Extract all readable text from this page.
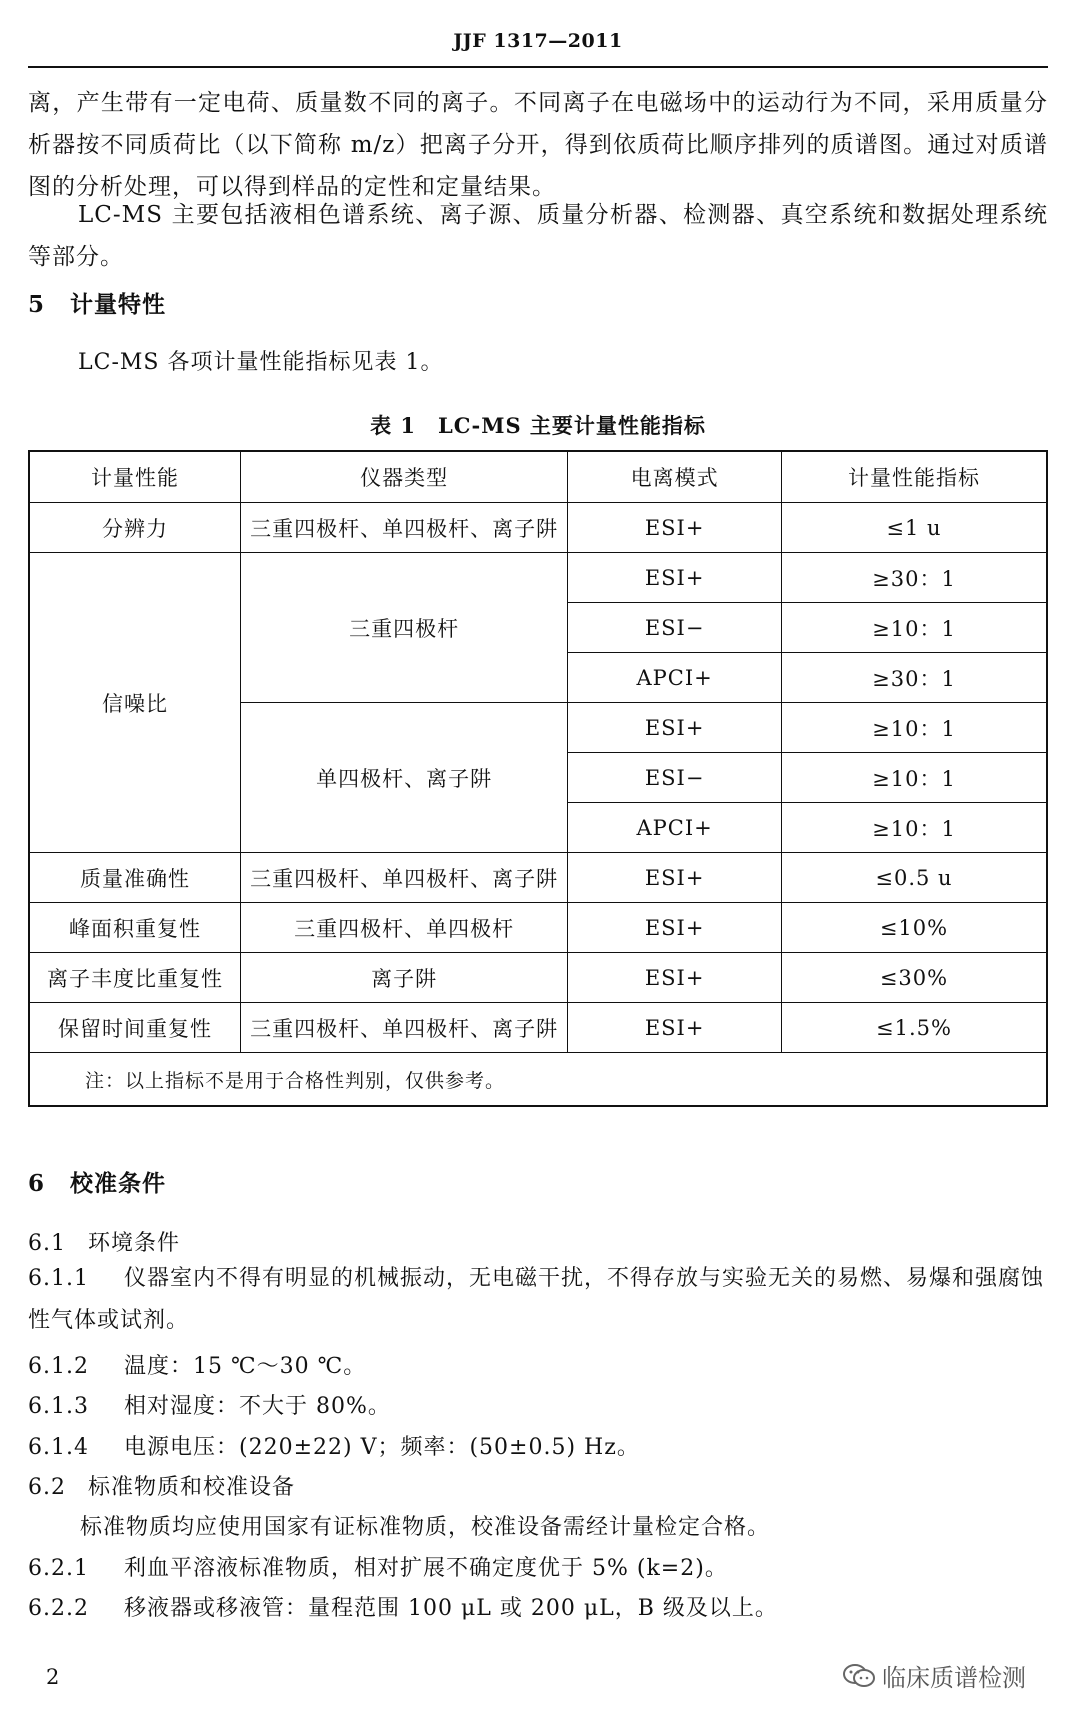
JJF 1317—2011

离，产生带有一定电荷、质量数不同的离子。不同离子在电磁场中的运动行为不同，采用质量分析器按不同质荷比（以下简称 m/z）把离子分开，得到依质荷比顺序排列的质谱图。通过对质谱图的分析处理，可以得到样品的定性和定量结果。

LC-MS 主要包括液相色谱系统、离子源、质量分析器、检测器、真空系统和数据处理系统等部分。

5 计量特性
LC-MS 各项计量性能指标见表 1。
表 1　LC-MS 主要计量性能指标
计量性能	仪器类型	电离模式	计量性能指标
分辨力	三重四极杆、单四极杆、离子阱	ESI+	≤1 u
信噪比	三重四极杆	ESI+	≥30：1
		ESI−	≥10：1
		APCI+	≥30：1
	单四极杆、离子阱	ESI+	≥10：1
		ESI−	≥10：1
		APCI+	≥10：1
质量准确性	三重四极杆、单四极杆、离子阱	ESI+	≤0.5 u
峰面积重复性	三重四极杆、单四极杆	ESI+	≤10%
离子丰度比重复性	离子阱	ESI+	≤30%
保留时间重复性	三重四极杆、单四极杆、离子阱	ESI+	≤1.5%
注：以上指标不是用于合格性判别，仅供参考。			
6 校准条件
6.1 环境条件
6.1.1 仪器室内不得有明显的机械振动，无电磁干扰，不得存放与实验无关的易燃、易爆和强腐蚀性气体或试剂。
6.1.2 温度：15 ℃～30 ℃。
6.1.3 相对湿度：不大于 80%。
6.1.4 电源电压：(220±22) V；频率：(50±0.5) Hz。
6.2 标准物质和校准设备
标准物质均应使用国家有证标准物质，校准设备需经计量检定合格。
6.2.1 利血平溶液标准物质，相对扩展不确定度优于 5% (k=2)。
6.2.2 移液器或移液管：量程范围 100 μL 或 200 μL，B 级及以上。
2	临床质谱检测
